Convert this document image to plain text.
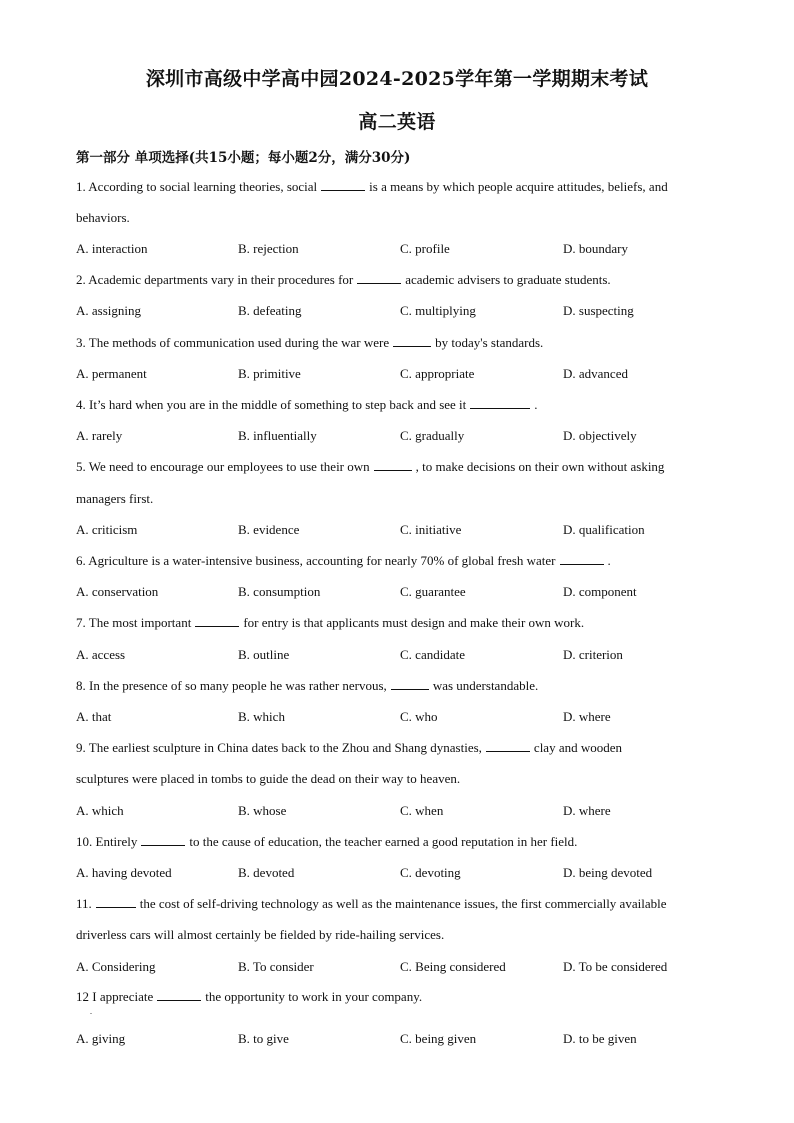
深圳市高级中学高中园2024-2025学年第一学期期末考试
高二英语
第一部分 单项选择(共15小题；每小题2分，满分30分)
1. According to social learning theories, social	is a means by which people acquire attitudes, beliefs, and
behaviors.
A. interaction	B. rejection	C. profile	D. boundary
2. Academic departments vary in their procedures for	academic advisers to graduate students.
A. assigning	B. defeating	C. multiplying	D. suspecting
3. The methods of communication used during the war were	by today's standards.
A. permanent	B. primitive	C. appropriate	D. advanced
4. It’s hard when you are in the middle of something to step back and see it	.
A. rarely	B. influentially	C. gradually	D. objectively
5. We need to encourage our employees to use their own	, to make decisions on their own without asking
managers first.
A. criticism	B. evidence	C. initiative	D. qualification
6. Agriculture is a water-intensive business, accounting for nearly 70% of global fresh water	.
A. conservation	B. consumption	C. guarantee	D. component
7. The most important	for entry is that applicants must design and make their own work.
A. access	B. outline	C. candidate	D. criterion
8. In the presence of so many people he was rather nervous,	was understandable.
A. that	B. which	C. who	D. where
9. The earliest sculpture in China dates back to the Zhou and Shang dynasties,	clay and wooden
sculptures were placed in tombs to guide the dead on their way to heaven.
A. which	B. whose	C. when	D. where
10. Entirely	to the cause of education, the teacher earned a good reputation in her field.
A. having devoted	B. devoted	C. devoting	D. being devoted
11.	the cost of self-driving technology as well as the maintenance issues, the first commercially available
driverless cars will almost certainly be fielded by ride-hailing services.
A. Considering	B. To consider	C. Being considered	D. To be considered
12 I appreciate	the opportunity to work in your company.
A. giving	B. to give	C. being given	D. to be given
.
